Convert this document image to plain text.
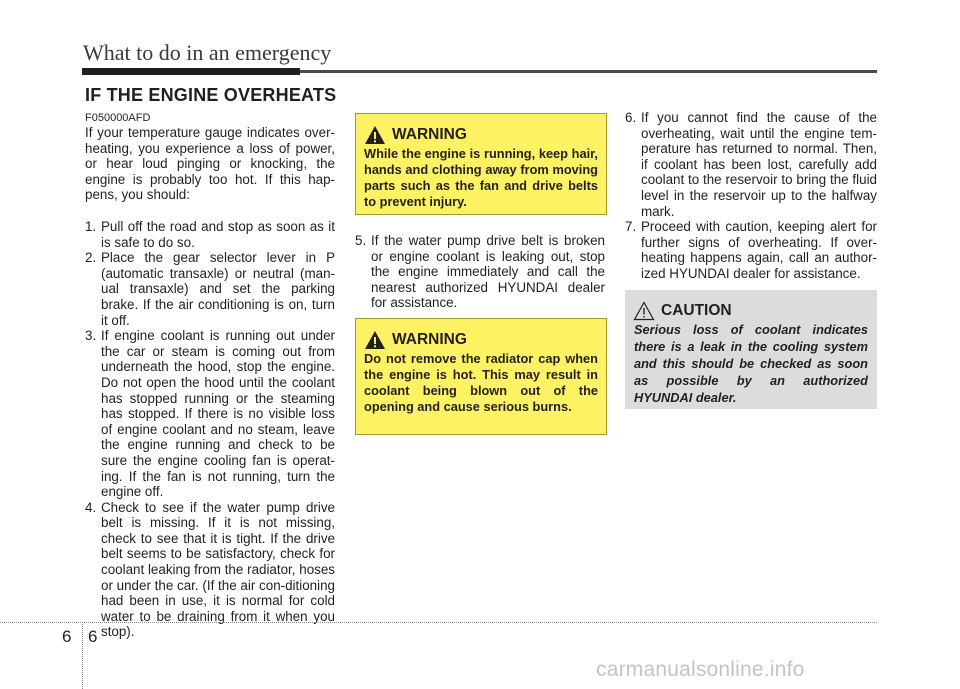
What to do in an emergency
IF THE ENGINE OVERHEATS
F050000AFD
If your temperature gauge indicates over-heating, you experience a loss of power, or hear loud pinging or knocking, the engine is probably too hot. If this hap-pens, you should:
1. Pull off the road and stop as soon as it is safe to do so.
2. Place the gear selector lever in P (automatic transaxle) or neutral (man-ual transaxle) and set the parking brake. If the air conditioning is on, turn it off.
3. If engine coolant is running out under the car or steam is coming out from underneath the hood, stop the engine. Do not open the hood until the coolant has stopped running or the steaming has stopped. If there is no visible loss of engine coolant and no steam, leave the engine running and check to be sure the engine cooling fan is operat-ing. If the fan is not running, turn the engine off.
4. Check to see if the water pump drive belt is missing. If it is not missing, check to see that it is tight. If the drive belt seems to be satisfactory, check for coolant leaking from the radiator, hoses or under the car. (If the air con-ditioning had been in use, it is normal for cold water to be draining from it when you stop).
WARNING
While the engine is running, keep hair, hands and clothing away from moving parts such as the fan and drive belts to prevent injury.
5. If the water pump drive belt is broken or engine coolant is leaking out, stop the engine immediately and call the nearest authorized HYUNDAI dealer for assistance.
WARNING
Do not remove the radiator cap when the engine is hot. This may result in coolant being blown out of the opening and cause serious burns.
6. If you cannot find the cause of the overheating, wait until the engine tem-perature has returned to normal. Then, if coolant has been lost, carefully add coolant to the reservoir to bring the fluid level in the reservoir up to the halfway mark.
7. Proceed with caution, keeping alert for further signs of overheating. If over-heating happens again, call an author-ized HYUNDAI dealer for assistance.
CAUTION
Serious loss of coolant indicates there is a leak in the cooling system and this should be checked as soon as possible by an authorized HYUNDAI dealer.
6 6
carmanualsonline.info
